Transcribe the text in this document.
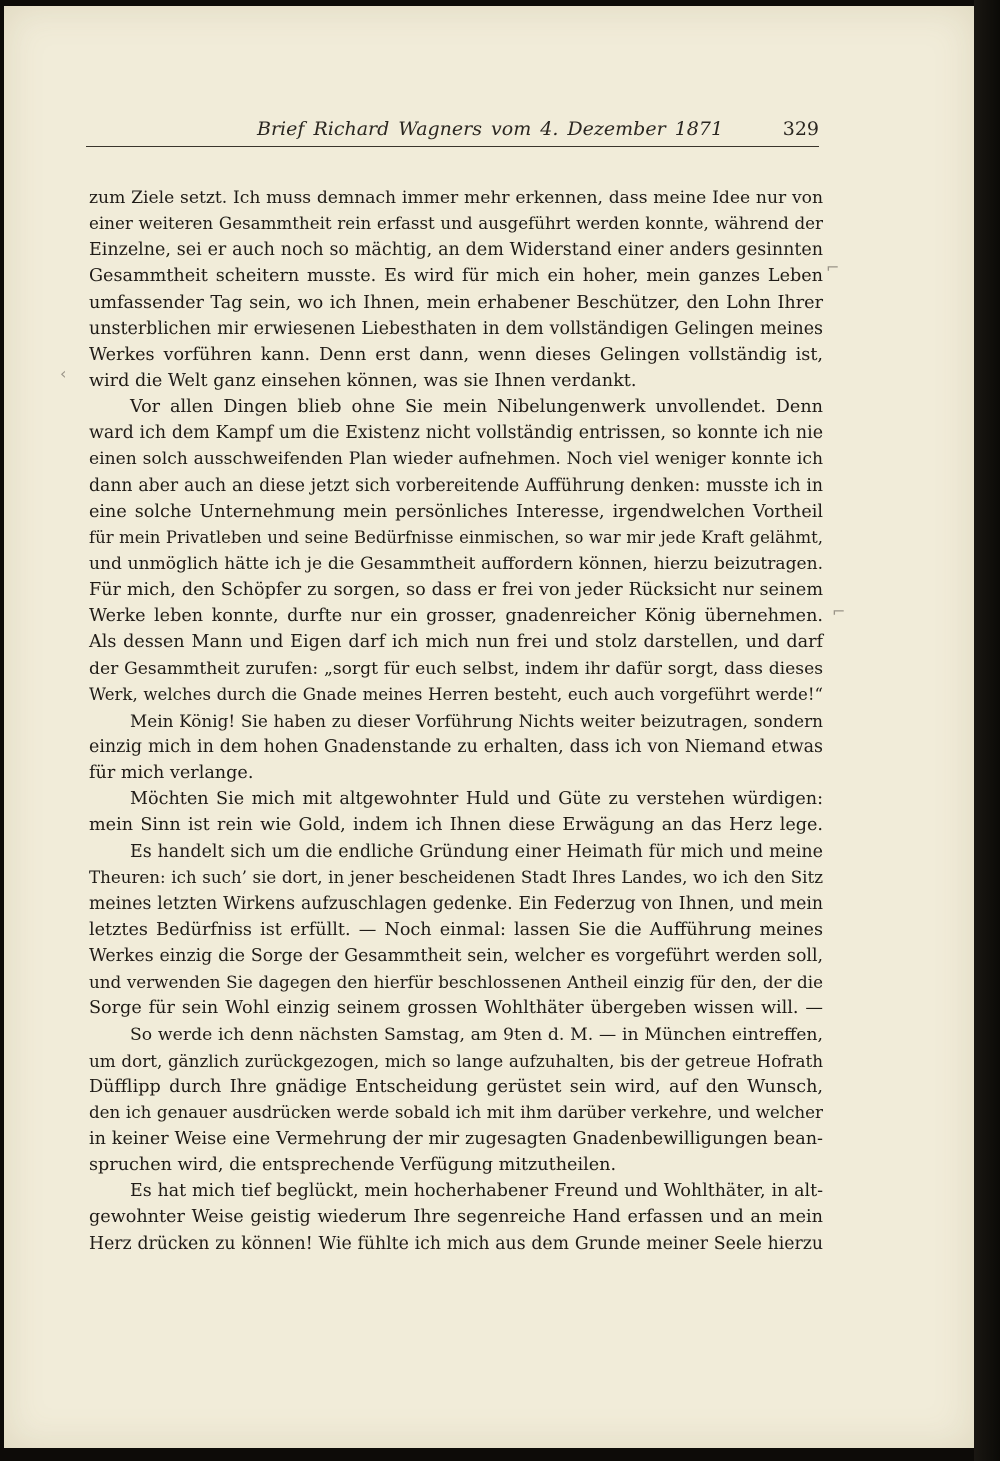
Brief Richard Wagners vom 4. Dezember 1871	329
zum Ziele setzt. Ich muss demnach immer mehr erkennen, dass meine Idee nur von
einer weiteren Gesammtheit rein erfasst und ausgeführt werden konnte, während der
Einzelne, sei er auch noch so mächtig, an dem Widerstand einer anders gesinnten
Gesammtheit scheitern musste. Es wird für mich ein hoher, mein ganzes Leben
umfassender Tag sein, wo ich Ihnen, mein erhabener Beschützer, den Lohn Ihrer
unsterblichen mir erwiesenen Liebesthaten in dem vollständigen Gelingen meines
Werkes vorführen kann. Denn erst dann, wenn dieses Gelingen vollständig ist,
wird die Welt ganz einsehen können, was sie Ihnen verdankt.
Vor allen Dingen blieb ohne Sie mein Nibelungenwerk unvollendet. Denn
ward ich dem Kampf um die Existenz nicht vollständig entrissen, so konnte ich nie
einen solch ausschweifenden Plan wieder aufnehmen. Noch viel weniger konnte ich
dann aber auch an diese jetzt sich vorbereitende Aufführung denken: musste ich in
eine solche Unternehmung mein persönliches Interesse, irgendwelchen Vortheil
für mein Privatleben und seine Bedürfnisse einmischen, so war mir jede Kraft gelähmt,
und unmöglich hätte ich je die Gesammtheit auffordern können, hierzu beizutragen.
Für mich, den Schöpfer zu sorgen, so dass er frei von jeder Rücksicht nur seinem
Werke leben konnte, durfte nur ein grosser, gnadenreicher König übernehmen.
Als dessen Mann und Eigen darf ich mich nun frei und stolz darstellen, und darf
der Gesammtheit zurufen: „sorgt für euch selbst, indem ihr dafür sorgt, dass dieses
Werk, welches durch die Gnade meines Herren besteht, euch auch vorgeführt werde!“
Mein König! Sie haben zu dieser Vorführung Nichts weiter beizutragen, sondern
einzig mich in dem hohen Gnadenstande zu erhalten, dass ich von Niemand etwas
für mich verlange.
Möchten Sie mich mit altgewohnter Huld und Güte zu verstehen würdigen:
mein Sinn ist rein wie Gold, indem ich Ihnen diese Erwägung an das Herz lege.
Es handelt sich um die endliche Gründung einer Heimath für mich und meine
Theuren: ich such’ sie dort, in jener bescheidenen Stadt Ihres Landes, wo ich den Sitz
meines letzten Wirkens aufzuschlagen gedenke. Ein Federzug von Ihnen, und mein
letztes Bedürfniss ist erfüllt. — Noch einmal: lassen Sie die Aufführung meines
Werkes einzig die Sorge der Gesammtheit sein, welcher es vorgeführt werden soll,
und verwenden Sie dagegen den hierfür beschlossenen Antheil einzig für den, der die
Sorge für sein Wohl einzig seinem grossen Wohlthäter übergeben wissen will. —
So werde ich denn nächsten Samstag, am 9ten d. M. — in München eintreffen,
um dort, gänzlich zurückgezogen, mich so lange aufzuhalten, bis der getreue Hofrath
Düfflipp durch Ihre gnädige Entscheidung gerüstet sein wird, auf den Wunsch,
den ich genauer ausdrücken werde sobald ich mit ihm darüber verkehre, und welcher
in keiner Weise eine Vermehrung der mir zugesagten Gnadenbewilligungen bean-
spruchen wird, die entsprechende Verfügung mitzutheilen.
Es hat mich tief beglückt, mein hocherhabener Freund und Wohlthäter, in alt-
gewohnter Weise geistig wiederum Ihre segenreiche Hand erfassen und an mein
Herz drücken zu können! Wie fühlte ich mich aus dem Grunde meiner Seele hierzu
⌐
‹
⌐
